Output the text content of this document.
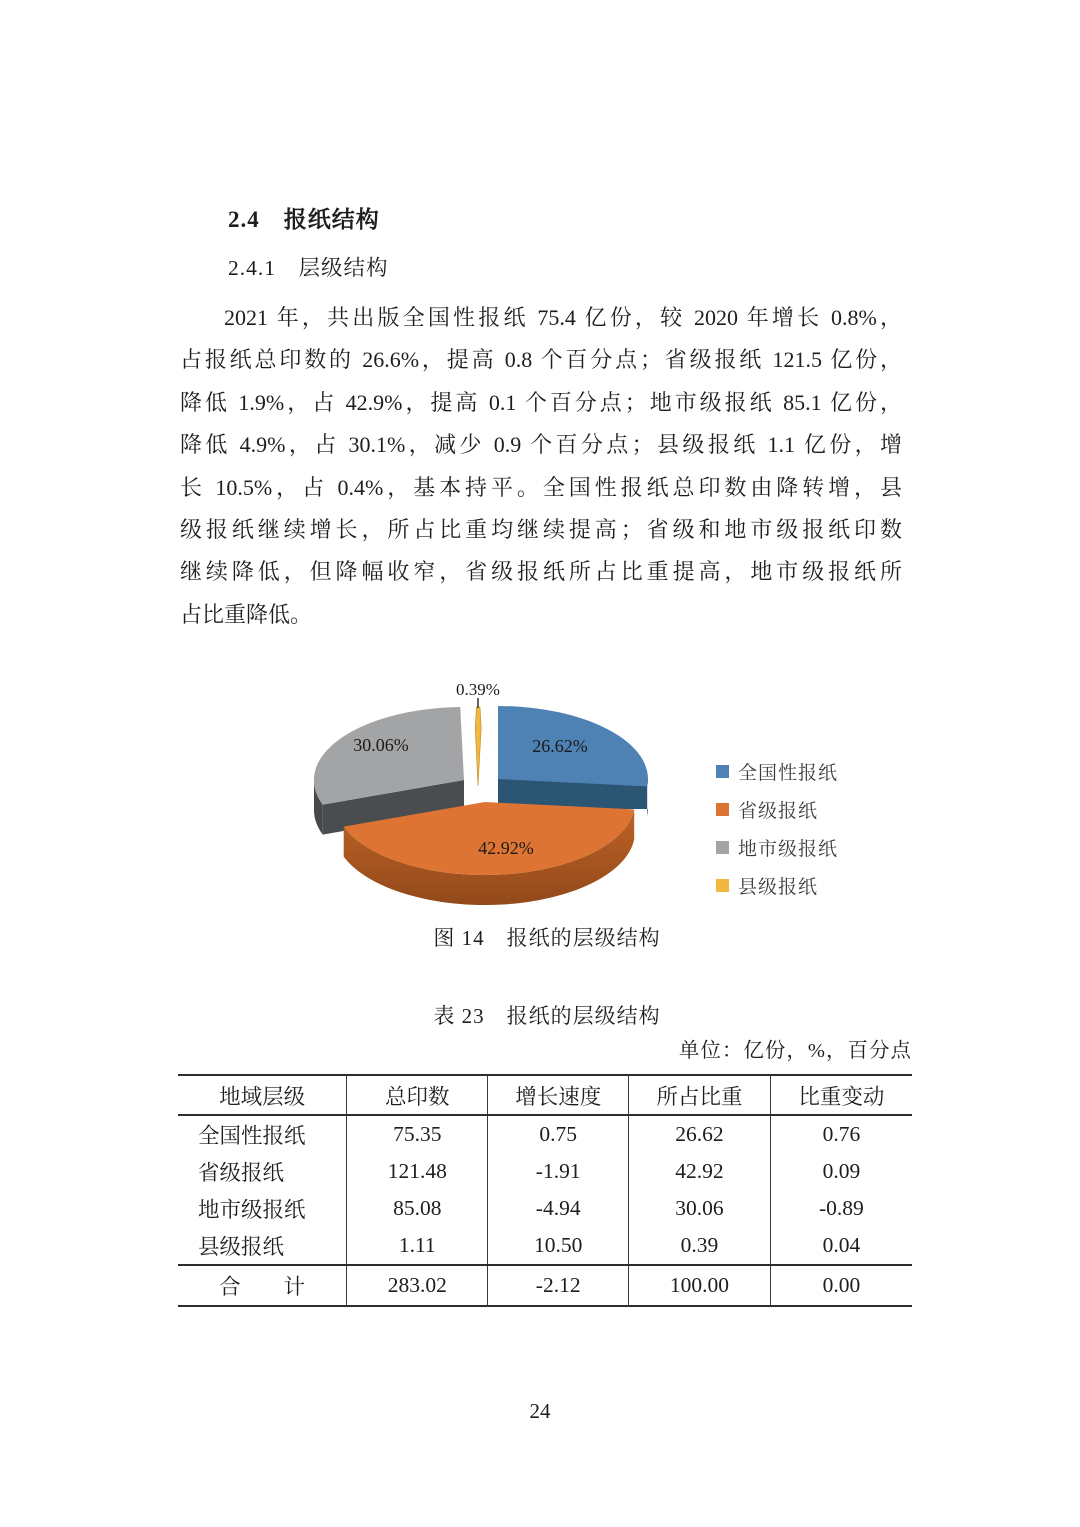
2.4　报纸结构
2.4.1　层级结构
2021 年，共出版全国性报纸 75.4 亿份，较 2020 年增长 0.8%，
占报纸总印数的 26.6%，提高 0.8 个百分点；省级报纸 121.5 亿份，
降低 1.9%，占 42.9%，提高 0.1 个百分点；地市级报纸 85.1 亿份，
降低 4.9%，占 30.1%，减少 0.9 个百分点；县级报纸 1.1 亿份，增
长 10.5%，占 0.4%，基本持平。全国性报纸总印数由降转增，县
级报纸继续增长，所占比重均继续提高；省级和地市级报纸印数
继续降低，但降幅收窄，省级报纸所占比重提高，地市级报纸所
占比重降低。
0.39%
26.62%
30.06%
42.92%
全国性报纸
省级报纸
地市级报纸
县级报纸
图 14　报纸的层级结构
表 23　报纸的层级结构
单位：亿份，%，百分点
地域层级	总印数	增长速度	所占比重	比重变动
全国性报纸	75.35	0.75	26.62	0.76
省级报纸	121.48	-1.91	42.92	0.09
地市级报纸	85.08	-4.94	30.06	-0.89
县级报纸	1.11	10.50	0.39	0.04
合　　计	283.02	-2.12	100.00	0.00
24
